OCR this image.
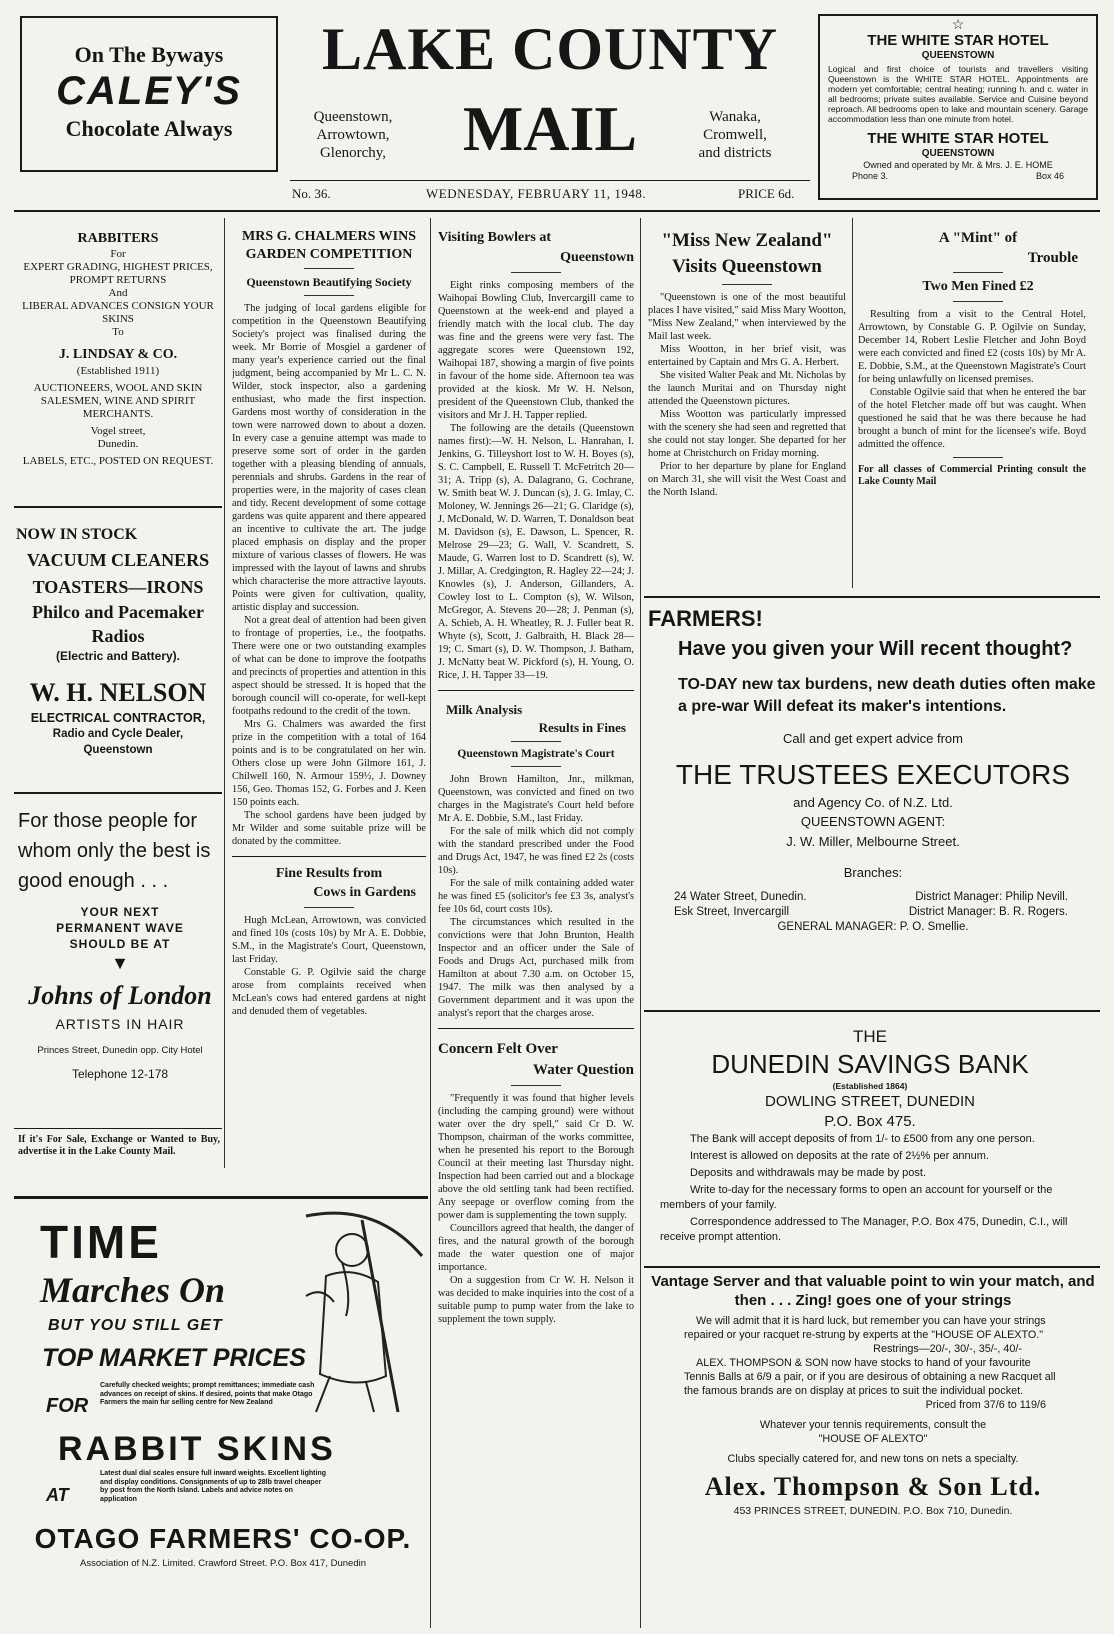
On The Byways
CALEY'S
Chocolate Always
LAKE COUNTY
Queenstown,
Arrowtown,
Glenorchy,	MAIL	Wanaka,
Cromwell,
and districts
No. 36.	WEDNESDAY, FEBRUARY 11, 1948.	PRICE 6d.
☆
THE WHITE STAR HOTEL
QUEENSTOWN
Logical and first choice of tourists and travellers visiting Queenstown is the WHITE STAR HOTEL. Appointments are modern yet comfortable; central heating; running h. and c. water in all bedrooms; private suites available. Service and Cuisine beyond reproach. All bedrooms open to lake and mountain scenery. Garage accommodation less than one minute from hotel.
THE WHITE STAR HOTEL
QUEENSTOWN
Owned and operated by Mr. & Mrs. J. E. HOME
Phone 3.	Box 46
RABBITERS
For
EXPERT GRADING, HIGHEST PRICES, PROMPT RETURNS
And
LIBERAL ADVANCES CONSIGN YOUR SKINS
To
J. LINDSAY & CO.
(Established 1911)
AUCTIONEERS, WOOL AND SKIN SALESMEN, WINE AND SPIRIT MERCHANTS.
Vogel street,
Dunedin.
LABELS, ETC., POSTED ON REQUEST.
NOW IN STOCK
VACUUM CLEANERS
TOASTERS—IRONS
Philco and Pacemaker Radios
(Electric and Battery).
W. H. NELSON
ELECTRICAL CONTRACTOR,
Radio and Cycle Dealer,
Queenstown
For those people for whom only the best is good enough . . .
YOUR NEXT PERMANENT WAVE SHOULD BE AT
▼
Johns of London
ARTISTS IN HAIR
Princes Street, Dunedin opp. City Hotel
Telephone 12-178
If it's For Sale, Exchange or Wanted to Buy, advertise it in the Lake County Mail.
MRS G. CHALMERS WINS GARDEN COMPETITION
Queenstown Beautifying Society

The judging of local gardens eligible for competition in the Queenstown Beautifying Society's project was finalised during the week. Mr Borrie of Mosgiel a gardener of many year's experience carried out the final judgment, being accompanied by Mr L. C. N. Wilder, stock inspector, also a gardening enthusiast, who made the first inspection. Gardens most worthy of consideration in the town were narrowed down to about a dozen. In every case a genuine attempt was made to preserve some sort of order in the garden together with a pleasing blending of annuals, perennials and shrubs. Gardens in the rear of properties were, in the majority of cases clean and tidy. Recent development of some cottage gardens was quite apparent and there appeared an incentive to cultivate the art. The judge placed emphasis on display and the proper mixture of various classes of flowers. He was impressed with the layout of lawns and shrubs which characterise the more attractive layouts. Points were given for cultivation, quality, artistic display and succession.

Not a great deal of attention had been given to frontage of properties, i.e., the footpaths. There were one or two outstanding examples of what can be done to improve the footpaths and precincts of properties and attention in this aspect should be stressed. It is hoped that the borough council will co-operate, for well-kept footpaths redound to the credit of the town.

Mrs G. Chalmers was awarded the first prize in the competition with a total of 164 points and is to be congratulated on her win. Others close up were John Gilmore 161, J. Chilwell 160, N. Armour 159½, J. Downey 156, Geo. Thomas 152, G. Forbes and J. Keen 150 points each.

The school gardens have been judged by Mr Wilder and some suitable prize will be donated by the committee.

Fine Results from
Cows in Gardens

Hugh McLean, Arrowtown, was convicted and fined 10s (costs 10s) by Mr A. E. Dobbie, S.M., in the Magistrate's Court, Queenstown, last Friday.

Constable G. P. Ogilvie said the charge arose from complaints received when McLean's cows had entered gardens at night and denuded them of vegetables.

Visiting Bowlers at
Queenstown

Eight rinks composing members of the Waihopai Bowling Club, Invercargill came to Queenstown at the week-end and played a friendly match with the local club. The day was fine and the greens were very fast. The aggregate scores were Queenstown 192, Waihopai 187, showing a margin of five points in favour of the home side. Afternoon tea was provided at the kiosk. Mr W. H. Nelson, president of the Queenstown Club, thanked the visitors and Mr J. H. Tapper replied.

The following are the details (Queenstown names first):—W. H. Nelson, L. Hanrahan, I. Jenkins, G. Tilleyshort lost to W. H. Boyes (s), S. C. Campbell, E. Russell T. McFetritch 20—31; A. Tripp (s), A. Dalagrano, G. Cochrane, W. Smith beat W. J. Duncan (s), J. G. Imlay, C. Moloney, W. Jennings 26—21; G. Claridge (s), J. McDonald, W. D. Warren, T. Donaldson beat M. Davidson (s), E. Dawson, L. Spencer, R. Melrose 29—23; G. Wall, V. Scandrett, S. Maude, G. Warren lost to D. Scandrett (s), W. J. Millar, A. Credgington, R. Hagley 22—24; J. Knowles (s), J. Anderson, Gillanders, A. Cowley lost to L. Compton (s), W. Wilson, McGregor, A. Stevens 20—28; J. Penman (s), A. Schieb, A. H. Wheatley, R. J. Fuller beat R. Whyte (s), Scott, J. Galbraith, H. Black 28—19; C. Smart (s), D. W. Thompson, J. Batham, J. McNatty beat W. Pickford (s), H. Young, O. Rice, J. H. Tapper 33—19.

Milk Analysis
Results in Fines
Queenstown Magistrate's Court

John Brown Hamilton, Jnr., milkman, Queenstown, was convicted and fined on two charges in the Magistrate's Court held before Mr A. E. Dobbie, S.M., last Friday.

For the sale of milk which did not comply with the standard prescribed under the Food and Drugs Act, 1947, he was fined £2 2s (costs 10s).

For the sale of milk containing added water he was fined £5 (solicitor's fee £3 3s, analyst's fee 10s 6d, court costs 10s).

The circumstances which resulted in the convictions were that John Brunton, Health Inspector and an officer under the Sale of Foods and Drugs Act, purchased milk from Hamilton at about 7.30 a.m. on October 15, 1947. The milk was then analysed by a Government department and it was upon the analyst's report that the charges arose.

Concern Felt Over
Water Question

"Frequently it was found that higher levels (including the camping ground) were without water over the dry spell," said Cr D. W. Thompson, chairman of the works committee, when he presented his report to the Borough Council at their meeting last Thursday night. Inspection had been carried out and a blockage above the old settling tank had been rectified. Any seepage or overflow coming from the power dam is supplementing the town supply.

Councillors agreed that health, the danger of fires, and the natural growth of the borough made the water question one of major importance.

On a suggestion from Cr W. H. Nelson it was decided to make inquiries into the cost of a suitable pump to pump water from the lake to supplement the town supply.

"Miss New Zealand"
Visits Queenstown

"Queenstown is one of the most beautiful places I have visited," said Miss Mary Wootton, "Miss New Zealand," when interviewed by the Mail last week.

Miss Wootton, in her brief visit, was entertained by Captain and Mrs G. A. Herbert.

She visited Walter Peak and Mt. Nicholas by the launch Muritai and on Thursday night attended the Queenstown pictures.

Miss Wootton was particularly impressed with the scenery she had seen and regretted that she could not stay longer. She departed for her home at Christchurch on Friday morning.

Prior to her departure by plane for England on March 31, she will visit the West Coast and the North Island.

A "Mint" of
Trouble
Two Men Fined £2

Resulting from a visit to the Central Hotel, Arrowtown, by Constable G. P. Ogilvie on Sunday, December 14, Robert Leslie Fletcher and John Boyd were each convicted and fined £2 (costs 10s) by Mr A. E. Dobbie, S.M., at the Queenstown Magistrate's Court for being unlawfully on licensed premises.

Constable Ogilvie said that when he entered the bar of the hotel Fletcher made off but was caught. When questioned he said that he was there because he had brought a bunch of mint for the licensee's wife. Boyd admitted the offence.

For all classes of Commercial Printing consult the Lake County Mail
FARMERS!
Have you given your Will recent thought?
TO-DAY new tax burdens, new death duties often make a pre-war Will defeat its maker's intentions.
Call and get expert advice from
THE TRUSTEES EXECUTORS
and Agency Co. of N.Z. Ltd.
QUEENSTOWN AGENT:
J. W. Miller, Melbourne Street.
Branches:
24 Water Street, Dunedin.	District Manager: Philip Nevill.
Esk Street, Invercargill	District Manager: B. R. Rogers.
GENERAL MANAGER: P. O. Smellie.
THE
DUNEDIN SAVINGS BANK
(Established 1864)
DOWLING STREET, DUNEDIN
P.O. Box 475.
The Bank will accept deposits of from 1/- to £500 from any one person.
Interest is allowed on deposits at the rate of 2½% per annum.
Deposits and withdrawals may be made by post.
Write to-day for the necessary forms to open an account for yourself or the members of your family.
Correspondence addressed to The Manager, P.O. Box 475, Dunedin, C.I., will receive prompt attention.
Vantage Server and that valuable point to win your match, and then . . . Zing! goes one of your strings
We will admit that it is hard luck, but remember you can have your strings repaired or your racquet re-strung by experts at the "HOUSE OF ALEXTO."
Restrings—20/-, 30/-, 35/-, 40/-
ALEX. THOMPSON & SON now have stocks to hand of your favourite Tennis Balls at 6/9 a pair, or if you are desirous of obtaining a new Racquet all the famous brands are on display at prices to suit the individual pocket.
Priced from 37/6 to 119/6
Whatever your tennis requirements, consult the
"HOUSE OF ALEXTO"
Clubs specially catered for, and new tons on nets a specialty.
Alex. Thompson & Son Ltd.
453 PRINCES STREET, DUNEDIN. P.O. Box 710, Dunedin.
TIME
Marches On
BUT YOU STILL GET
TOP MARKET PRICES
FOR
Carefully checked weights; prompt remittances; immediate cash advances on receipt of skins. If desired, points that make Otago Farmers the main fur selling centre for New Zealand
RABBIT SKINS
AT
Latest dual dial scales ensure full inward weights. Excellent lighting and display conditions. Consignments of up to 28lb travel cheaper by post from the North Island. Labels and advice notes on application
OTAGO FARMERS' CO-OP.
Association of N.Z. Limited. Crawford Street. P.O. Box 417, Dunedin
